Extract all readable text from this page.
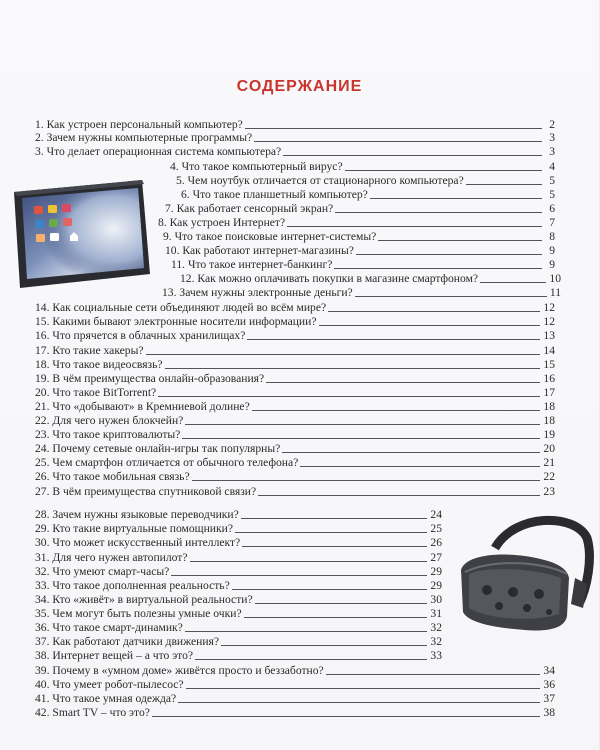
СОДЕРЖАНИЕ
1. Как устроен персональный компьютер?	2
2. Зачем нужны компьютерные программы?	3
3. Что делает операционная система компьютера?	3
4. Что такое компьютерный вирус?	4
5. Чем ноутбук отличается от стационарного компьютера?	5
6. Что такое планшетный компьютер?	5
7. Как работает сенсорный экран?	6
8. Как устроен Интернет?	7
9. Что такое поисковые интернет-системы?	8
10. Как работают интернет-магазины?	9
11. Что такое интернет-банкинг?	9
12. Как можно оплачивать покупки в магазине смартфоном?	10
13. Зачем нужны электронные деньги?	11
14. Как социальные сети объединяют людей во всём мире?	12
15. Какими бывают электронные носители информации?	12
16. Что прячется в облачных хранилищах?	13
17. Кто такие хакеры?	14
18. Что такое видеосвязь?	15
19. В чём преимущества онлайн-образования?	16
20. Что такое BitTorrent?	17
21. Что «добывают» в Кремниевой долине?	18
22. Для чего нужен блокчейн?	18
23. Что такое криптовалюты?	19
24. Почему сетевые онлайн-игры так популярны?	20
25. Чем смартфон отличается от обычного телефона?	21
26. Что такое мобильная связь?	22
27. В чём преимущества спутниковой связи?	23
28. Зачем нужны языковые переводчики?	24
29. Кто такие виртуальные помощники?	25
30. Что может искусственный интеллект?	26
31. Для чего нужен автопилот?	27
32. Что умеют смарт-часы?	29
33. Что такое дополненная реальность?	29
34. Кто «живёт» в виртуальной реальности?	30
35. Чем могут быть полезны умные очки?	31
36. Что такое смарт-динамик?	32
37. Как работают датчики движения?	32
38. Интернет вещей – а что это?	33
39. Почему в «умном доме» живётся просто и беззаботно?	34
40. Что умеет робот-пылесос?	36
41. Что такое умная одежда?	37
42. Smart TV – что это?	38
